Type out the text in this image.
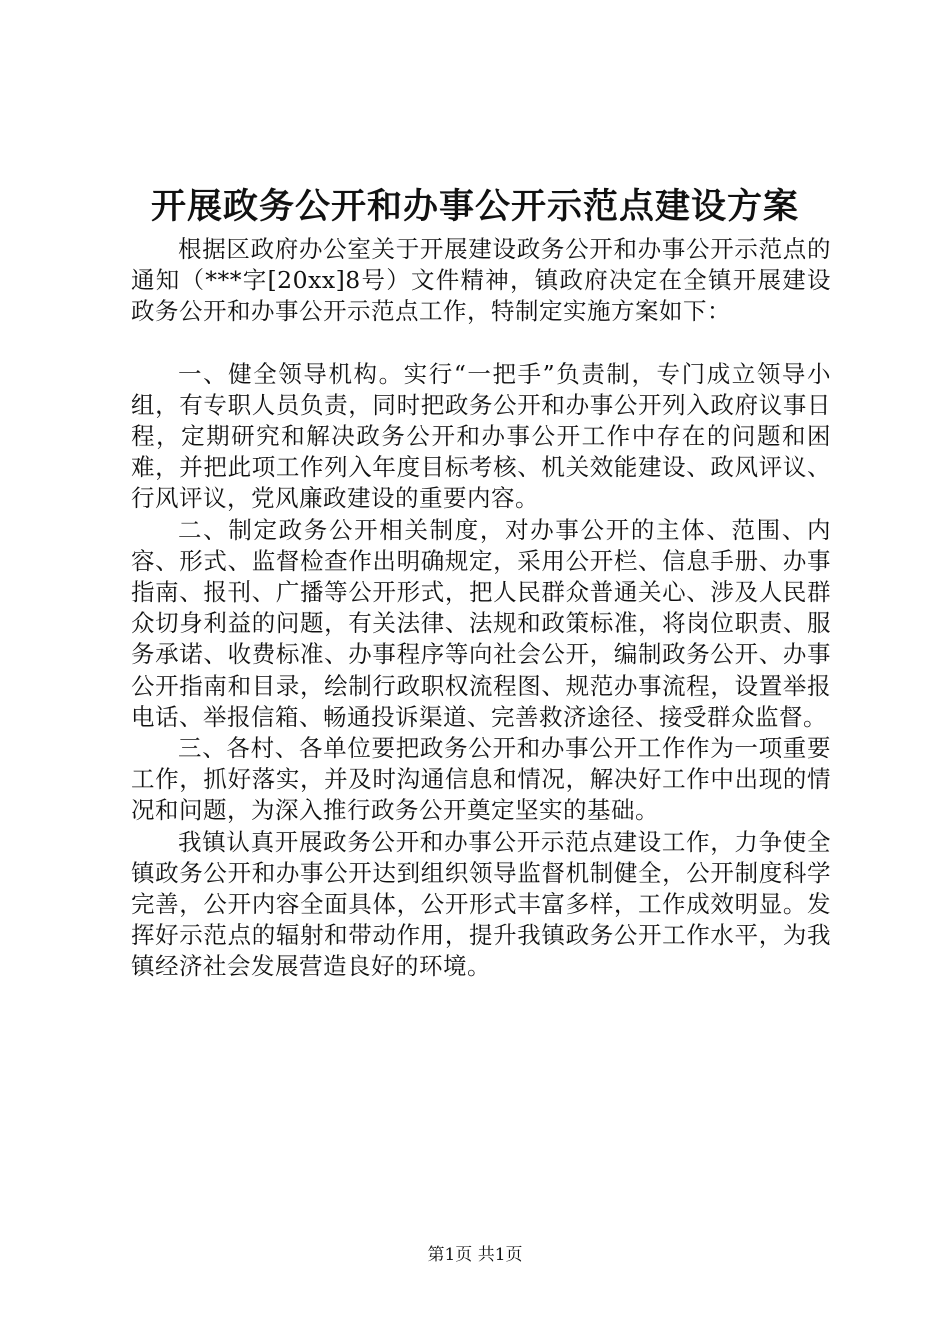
开展政务公开和办事公开示范点建设方案

根据区政府办公室关于开展建设政务公开和办事公开示范点的通知（***字[20xx]8号）文件精神，镇政府决定在全镇开展建设政务公开和办事公开示范点工作，特制定实施方案如下：

一、健全领导机构。实行“一把手”负责制，专门成立领导小组，有专职人员负责，同时把政务公开和办事公开列入政府议事日程，定期研究和解决政务公开和办事公开工作中存在的问题和困难，并把此项工作列入年度目标考核、机关效能建设、政风评议、行风评议，党风廉政建设的重要内容。

二、制定政务公开相关制度，对办事公开的主体、范围、内容、形式、监督检查作出明确规定，采用公开栏、信息手册、办事指南、报刊、广播等公开形式，把人民群众普通关心、涉及人民群众切身利益的问题，有关法律、法规和政策标准，将岗位职责、服务承诺、收费标准、办事程序等向社会公开，编制政务公开、办事公开指南和目录，绘制行政职权流程图、规范办事流程，设置举报电话、举报信箱、畅通投诉渠道、完善救济途径、接受群众监督。

三、各村、各单位要把政务公开和办事公开工作作为一项重要工作，抓好落实，并及时沟通信息和情况，解决好工作中出现的情况和问题，为深入推行政务公开奠定坚实的基础。

我镇认真开展政务公开和办事公开示范点建设工作，力争使全镇政务公开和办事公开达到组织领导监督机制健全，公开制度科学完善，公开内容全面具体，公开形式丰富多样，工作成效明显。发挥好示范点的辐射和带动作用，提升我镇政务公开工作水平，为我镇经济社会发展营造良好的环境。

第1页 共1页
